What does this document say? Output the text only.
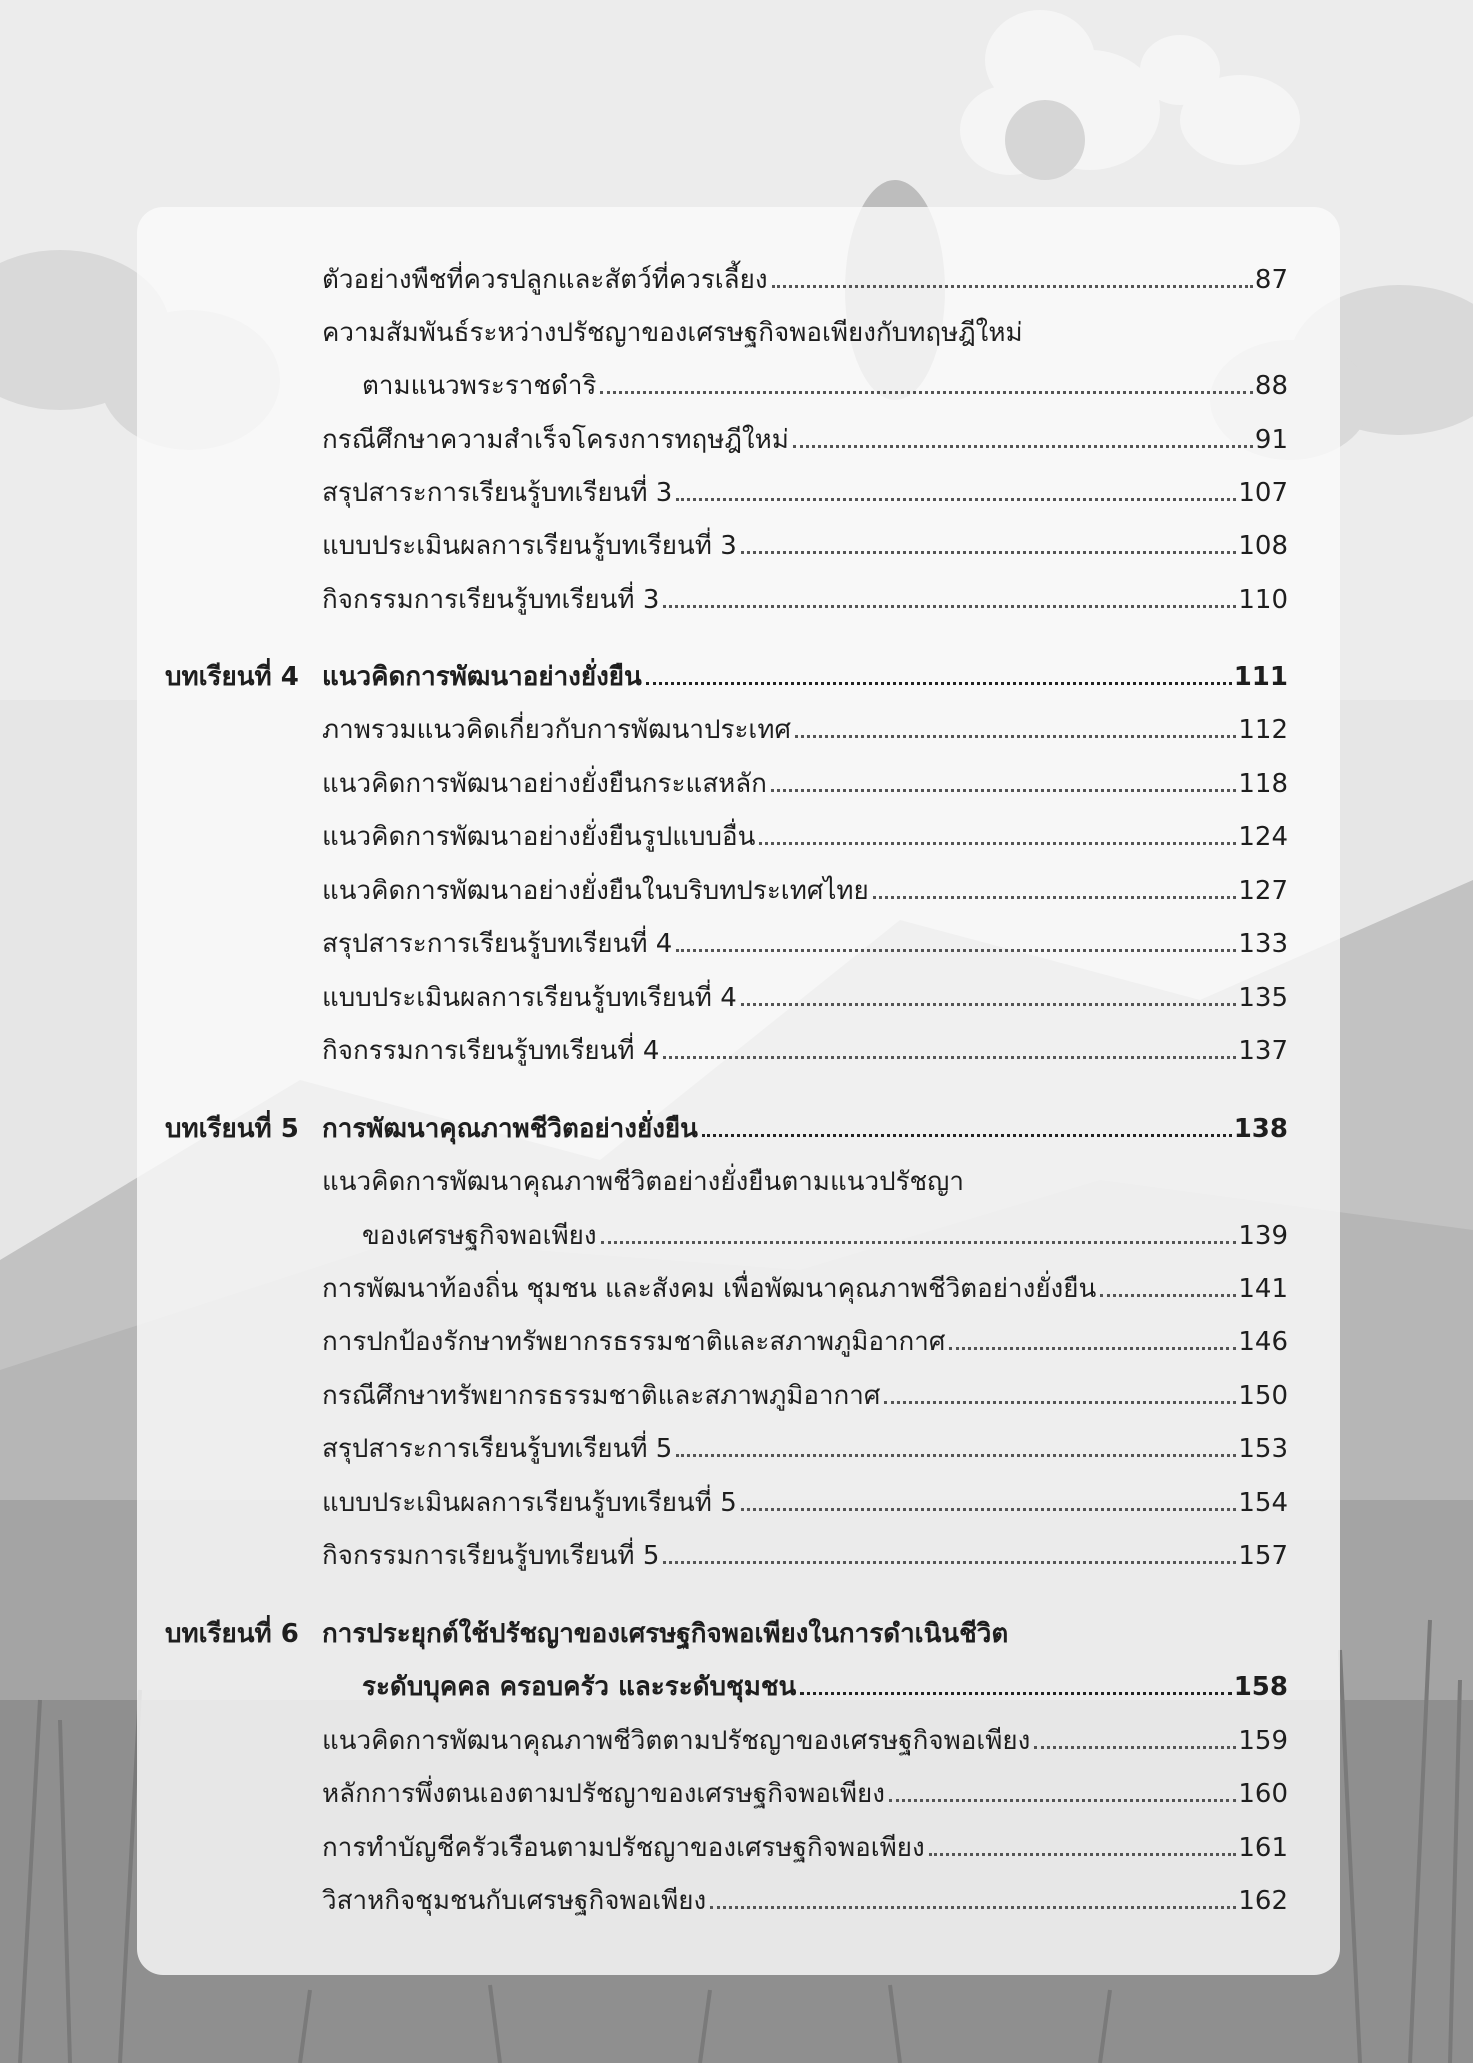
ตัวอย่างพืชที่ควรปลูกและสัตว์ที่ควรเลี้ยง	87
ความสัมพันธ์ระหว่างปรัชญาของเศรษฐกิจพอเพียงกับทฤษฎีใหม่
ตามแนวพระราชดำริ	88
กรณีศึกษาความสำเร็จโครงการทฤษฎีใหม่	91
สรุปสาระการเรียนรู้บทเรียนที่ 3	107
แบบประเมินผลการเรียนรู้บทเรียนที่ 3	108
กิจกรรมการเรียนรู้บทเรียนที่ 3	110
บทเรียนที่ 4 แนวคิดการพัฒนาอย่างยั่งยืน	111
ภาพรวมแนวคิดเกี่ยวกับการพัฒนาประเทศ	112
แนวคิดการพัฒนาอย่างยั่งยืนกระแสหลัก	118
แนวคิดการพัฒนาอย่างยั่งยืนรูปแบบอื่น	124
แนวคิดการพัฒนาอย่างยั่งยืนในบริบทประเทศไทย	127
สรุปสาระการเรียนรู้บทเรียนที่ 4	133
แบบประเมินผลการเรียนรู้บทเรียนที่ 4	135
กิจกรรมการเรียนรู้บทเรียนที่ 4	137
บทเรียนที่ 5 การพัฒนาคุณภาพชีวิตอย่างยั่งยืน	138
แนวคิดการพัฒนาคุณภาพชีวิตอย่างยั่งยืนตามแนวปรัชญา
ของเศรษฐกิจพอเพียง	139
การพัฒนาท้องถิ่น ชุมชน และสังคม เพื่อพัฒนาคุณภาพชีวิตอย่างยั่งยืน	141
การปกป้องรักษาทรัพยากรธรรมชาติและสภาพภูมิอากาศ	146
กรณีศึกษาทรัพยากรธรรมชาติและสภาพภูมิอากาศ	150
สรุปสาระการเรียนรู้บทเรียนที่ 5	153
แบบประเมินผลการเรียนรู้บทเรียนที่ 5	154
กิจกรรมการเรียนรู้บทเรียนที่ 5	157
บทเรียนที่ 6 การประยุกต์ใช้ปรัชญาของเศรษฐกิจพอเพียงในการดำเนินชีวิต
ระดับบุคคล ครอบครัว และระดับชุมชน	158
แนวคิดการพัฒนาคุณภาพชีวิตตามปรัชญาของเศรษฐกิจพอเพียง	159
หลักการพึ่งตนเองตามปรัชญาของเศรษฐกิจพอเพียง	160
การทำบัญชีครัวเรือนตามปรัชญาของเศรษฐกิจพอเพียง	161
วิสาหกิจชุมชนกับเศรษฐกิจพอเพียง	162
